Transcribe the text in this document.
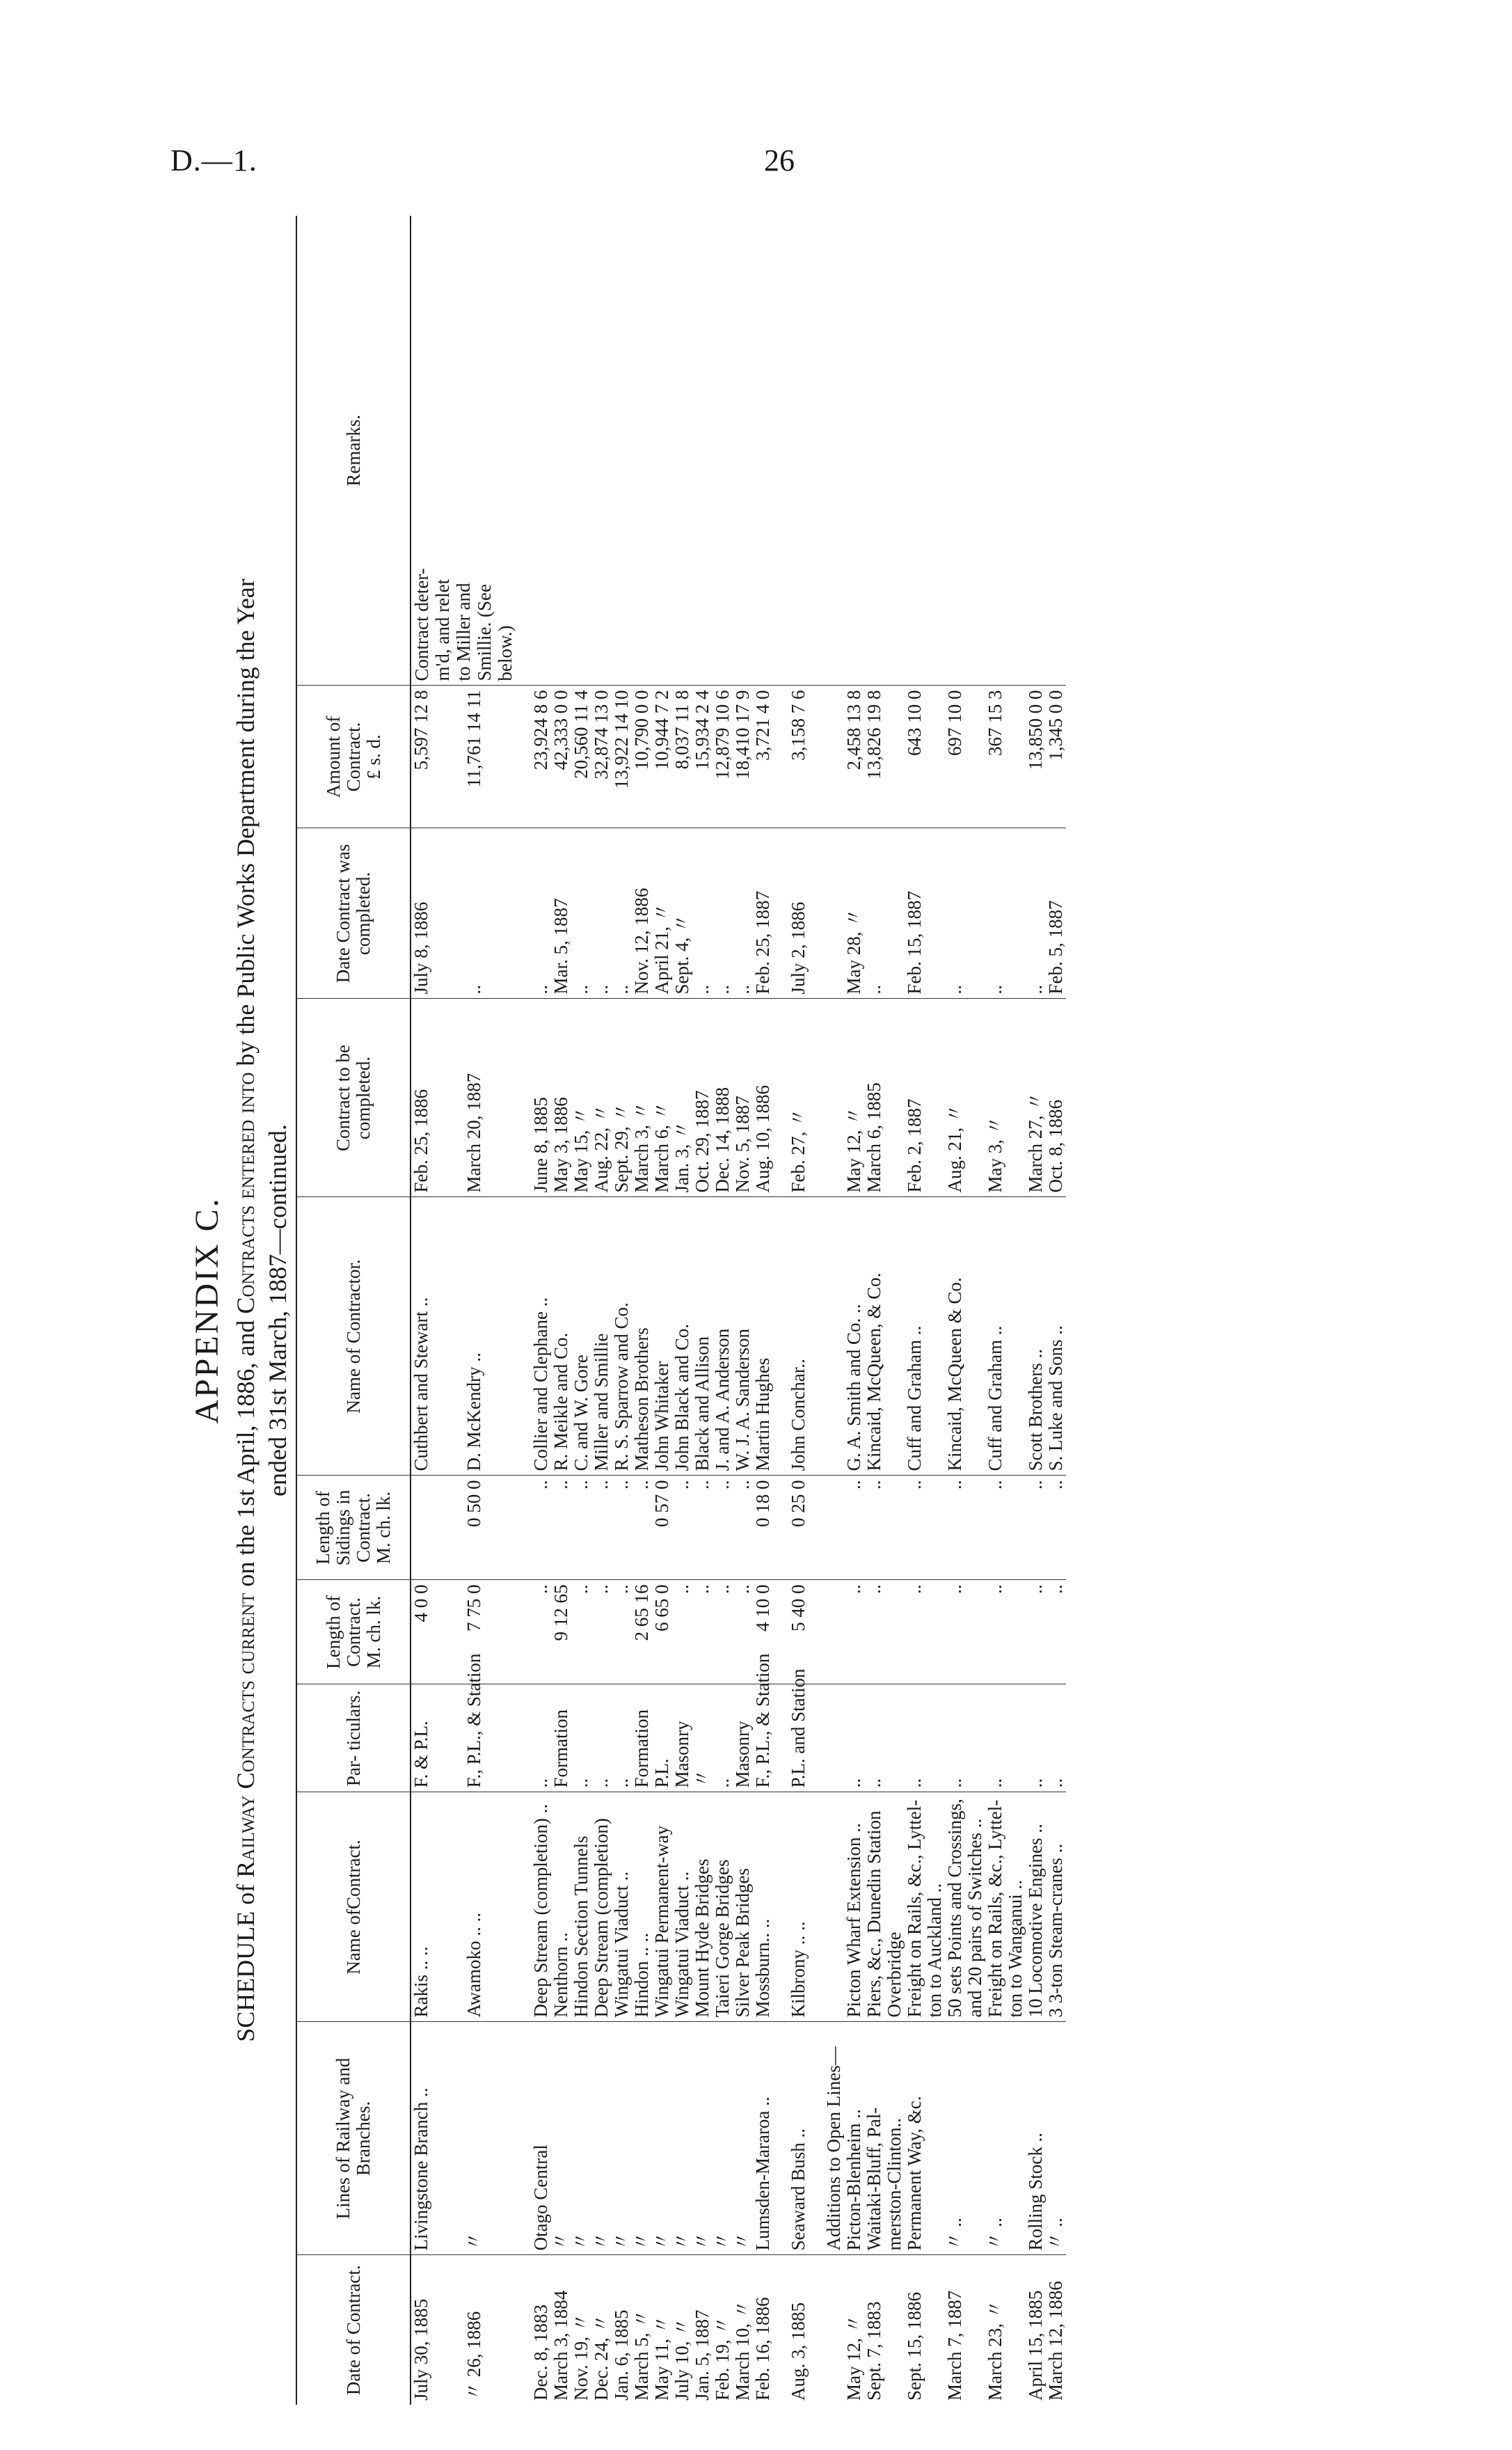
D.—1.	26
APPENDIX C.
SCHEDULE of Railway Contracts current on the 1st April, 1886, and Contracts entered into by the Public Works Department during the Year
ended 31st March, 1887—continued.
Date of Contract.	Lines of Railway and Branches.	Name ofContract.	Par- ticulars.	Length of Contract.
M. ch. lk.	Length of Sidings in Contract.
M. ch. lk.	Name of Contractor.	Contract to be completed.	Date Contract was completed.	Amount of Contract.
£ s. d.	Remarks.
July 30, 1885	Livingstone Branch ..	Rakis .. ..	F. & P.L.	4 0 0		Cuthbert and Stewart ..	Feb. 25, 1886	July 8, 1886	5,597 12 8	Contract deter- m'd, and relet to Miller and Smillie. (See below.)

〃 26, 1886	〃	Awamoko .. ..	F., P.L., & Station	7 75 0	0 50 0	D. McKendry ..	March 20, 1887	..	11,761 14 11	

Dec. 8, 1883	Otago Central	Deep Stream (completion) ..	..	..	..	Collier and Clephane ..	June 8, 1885	..	23,924 8 6	
March 3, 1884	〃	Nenthorn ..	Formation	9 12 65	..	R. Meikle and Co.	May 3, 1886	Mar. 5, 1887	42,333 0 0	
Nov. 19, 〃	〃	Hindon Section Tunnels	..	..	..	C. and W. Gore	May 15, 〃	..	20,560 11 4	
Dec. 24, 〃	〃	Deep Stream (completion)	..	..	..	Miller and Smillie	Aug. 22, 〃	..	32,874 13 0	
Jan. 6, 1885	〃	Wingatui Viaduct ..	..	..	..	R. S. Sparrow and Co.	Sept. 29, 〃	..	13,922 14 10	
March 5, 〃	〃	Hindon .. ..	Formation	2 65 16	..	Matheson Brothers	March 3, 〃	Nov. 12, 1886	10,790 0 0	
May 11, 〃	〃	Wingatui Permanent-way	P.L.	6 65 0	0 57 0	John Whitaker	March 6, 〃	April 21, 〃	10,944 7 2	
July 10, 〃	〃	Wingatui Viaduct ..	Masonry	..	..	John Black and Co.	Jan. 3, 〃	Sept. 4, 〃	8,037 11 8	
Jan. 5, 1887	〃	Mount Hyde Bridges	〃	..	..	Black and Allison	Oct. 29, 1887	..	15,934 2 4	
Feb. 19, 〃	〃	Taieri Gorge Bridges	..	..	..	J. and A. Anderson	Dec. 14, 1888	..	12,879 10 6	
March 10, 〃	〃	Silver Peak Bridges	Masonry	..	..	W. J. A. Sanderson	Nov. 5, 1887	..	18,410 17 9	
Feb. 16, 1886	Lumsden-Mararoa ..	Mossburn.. ..	F., P.L., & Station	4 10 0	0 18 0	Martin Hughes	Aug. 10, 1886	Feb. 25, 1887	3,721 4 0	

Aug. 3, 1885	Seaward Bush ..	Kilbrony .. ..	P.L. and Station	5 40 0	0 25 0	John Conchar..	Feb. 27, 〃	July 2, 1886	3,158 7 6	

	Additions to Open Lines—									
May 12, 〃	Picton-Blenheim ..	Picton Wharf Extension ..	..	..	..	G. A. Smith and Co. ..	May 12, 〃	May 28, 〃	2,458 13 8	
Sept. 7, 1883	Waitaki-Bluff, Pal-	Piers, &c., Dunedin Station	..	..	..	Kincaid, McQueen, & Co.	March 6, 1885	..	13,826 19 8	
	merston-Clinton..	Overbridge								
Sept. 15, 1886	Permanent Way, &c.	Freight on Rails, &c., Lyttel-	..	..	..	Cuff and Graham ..	Feb. 2, 1887	Feb. 15, 1887	643 10 0	
		ton to Auckland ..								
March 7, 1887	〃 ..	50 sets Points and Crossings,	..	..	..	Kincaid, McQueen & Co.	Aug. 21, 〃	..	697 10 0	
		and 20 pairs of Switches ..								
March 23, 〃	〃 ..	Freight on Rails, &c., Lyttel-	..	..	..	Cuff and Graham ..	May 3, 〃	..	367 15 3	
		ton to Wanganui ..								
April 15, 1885	Rolling Stock ..	10 Locomotive Engines ..	..	..	..	Scott Brothers ..	March 27, 〃	..	13,850 0 0	
March 12, 1886	〃 ..	3 3-ton Steam-cranes ..	..	..	..	S. Luke and Sons ..	Oct. 8, 1886	Feb. 5, 1887	1,345 0 0	
